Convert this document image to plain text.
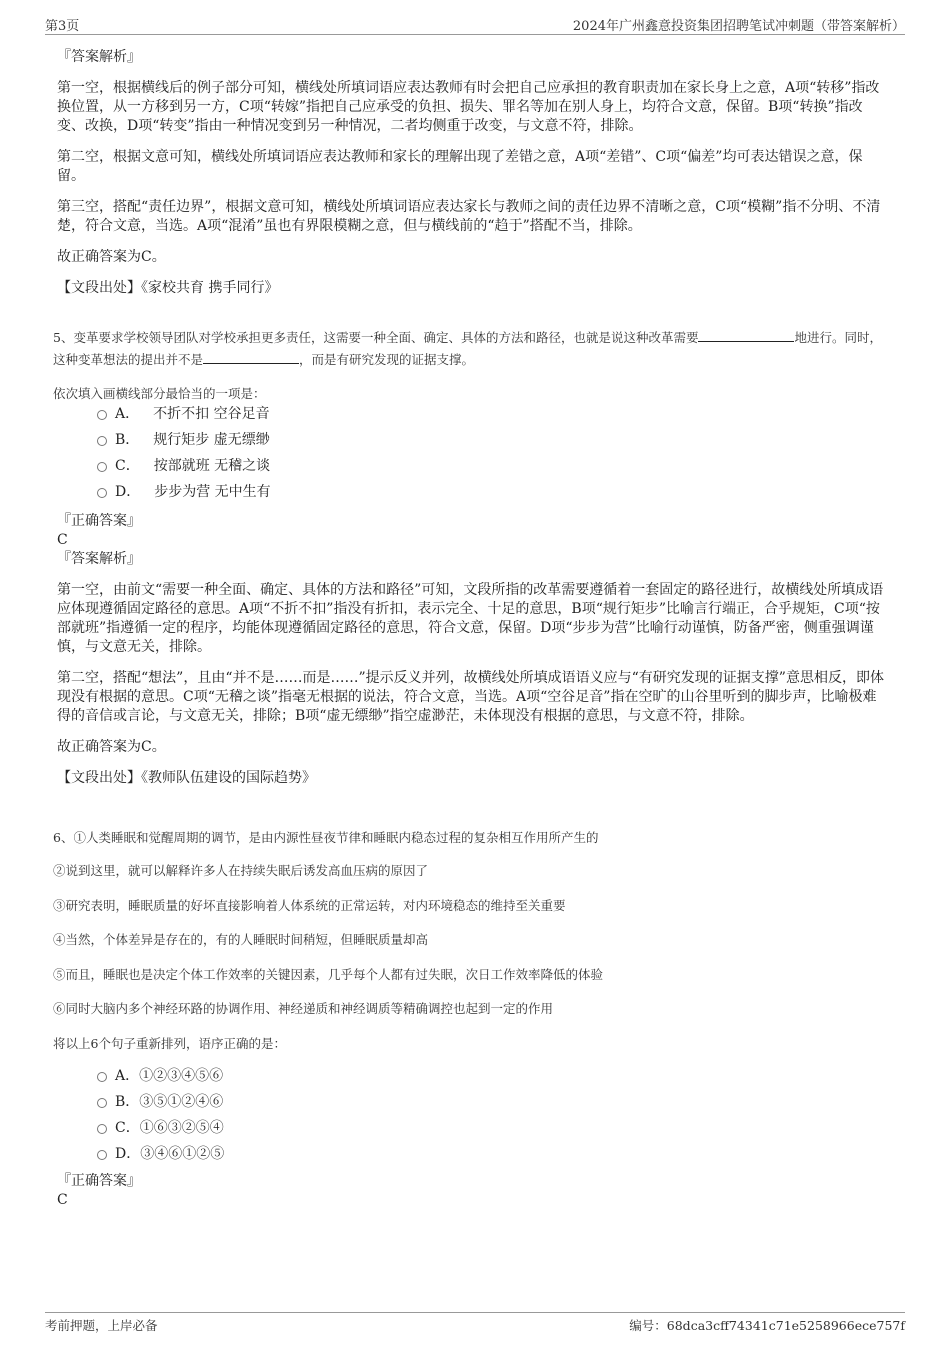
第3页	2024年广州鑫意投资集团招聘笔试冲刺题（带答案解析）

『答案解析』

第一空，根据横线后的例子部分可知，横线处所填词语应表达教师有时会把自己应承担的教育职责加在家长身上之意，A项“转移”指改换位置，从一方移到另一方，C项“转嫁”指把自己应承受的负担、损失、罪名等加在别人身上，均符合文意，保留。B项“转换”指改变、改换，D项“转变”指由一种情况变到另一种情况，二者均侧重于改变，与文意不符，排除。

第二空，根据文意可知，横线处所填词语应表达教师和家长的理解出现了差错之意，A项“差错”、C项“偏差”均可表达错误之意，保留。

第三空，搭配“责任边界”，根据文意可知，横线处所填词语应表达家长与教师之间的责任边界不清晰之意，C项“模糊”指不分明、不清楚，符合文意，当选。A项“混淆”虽也有界限模糊之意，但与横线前的“趋于”搭配不当，排除。

故正确答案为C。

【文段出处】《家校共育 携手同行》

5、变革要求学校领导团队对学校承担更多责任，这需要一种全面、确定、具体的方法和路径，也就是说这种改革需要	地进行。同时，这种变革想法的提出并不是	，而是有研究发现的证据支撑。

依次填入画横线部分最恰当的一项是：

A． 不折不扣 空谷足音
B． 规行矩步 虚无缥缈
C． 按部就班 无稽之谈
D． 步步为营 无中生有

『正确答案』

C

『答案解析』

第一空，由前文“需要一种全面、确定、具体的方法和路径”可知，文段所指的改革需要遵循着一套固定的路径进行，故横线处所填成语应体现遵循固定路径的意思。A项“不折不扣”指没有折扣，表示完全、十足的意思，B项“规行矩步”比喻言行端正，合乎规矩，C项“按部就班”指遵循一定的程序，均能体现遵循固定路径的意思，符合文意，保留。D项“步步为营”比喻行动谨慎，防备严密，侧重强调谨慎，与文意无关，排除。

第二空，搭配“想法”，且由“并不是……而是……”提示反义并列，故横线处所填成语语义应与“有研究发现的证据支撑”意思相反，即体现没有根据的意思。C项“无稽之谈”指毫无根据的说法，符合文意，当选。A项“空谷足音”指在空旷的山谷里听到的脚步声，比喻极难得的音信或言论，与文意无关，排除；B项“虚无缥缈”指空虚渺茫，未体现没有根据的意思，与文意不符，排除。

故正确答案为C。

【文段出处】《教师队伍建设的国际趋势》

6、①人类睡眠和觉醒周期的调节，是由内源性昼夜节律和睡眠内稳态过程的复杂相互作用所产生的

②说到这里，就可以解释许多人在持续失眠后诱发高血压病的原因了

③研究表明，睡眠质量的好坏直接影响着人体系统的正常运转，对内环境稳态的维持至关重要

④当然，个体差异是存在的，有的人睡眠时间稍短，但睡眠质量却高

⑤而且，睡眠也是决定个体工作效率的关键因素，几乎每个人都有过失眠，次日工作效率降低的体验

⑥同时大脑内多个神经环路的协调作用、神经递质和神经调质等精确调控也起到一定的作用

将以上6个句子重新排列，语序正确的是：

A．①②③④⑤⑥
B．③⑤①②④⑥
C．①⑥③②⑤④
D．③④⑥①②⑤

『正确答案』

C

考前押题，上岸必备	编号：68dca3cff74341c71e5258966ece757f
